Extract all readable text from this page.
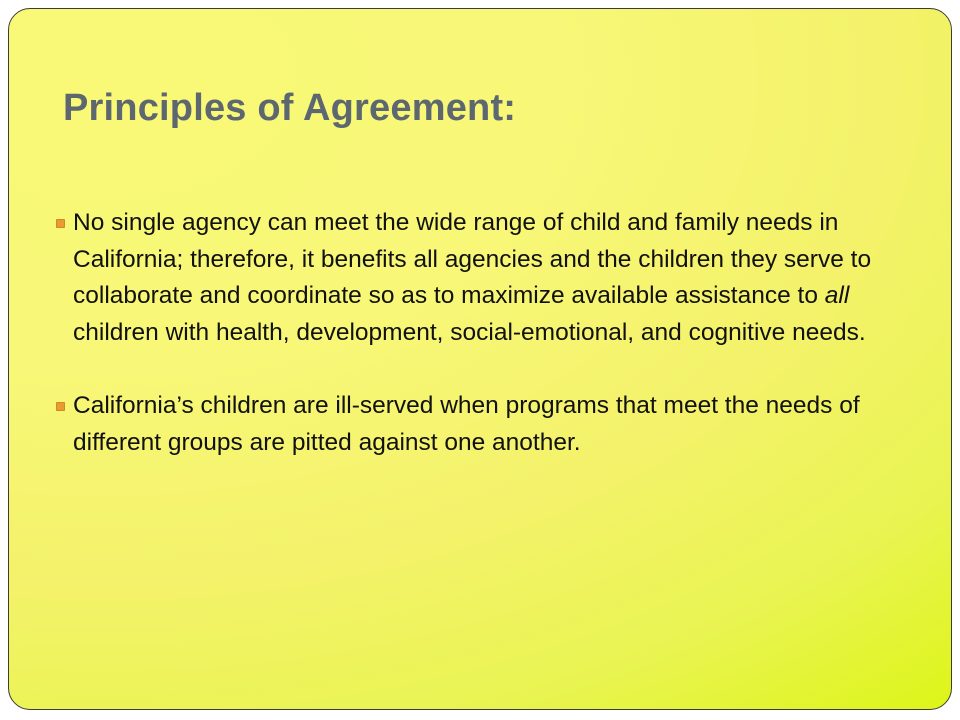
Principles of Agreement:
No single agency can meet the wide range of child and family needs in California; therefore, it benefits all agencies and the children they serve to collaborate and coordinate so as to maximize available assistance to all children with health, development, social-emotional, and cognitive needs.
California’s children are ill-served when programs that meet the needs of different groups are pitted against one another.
